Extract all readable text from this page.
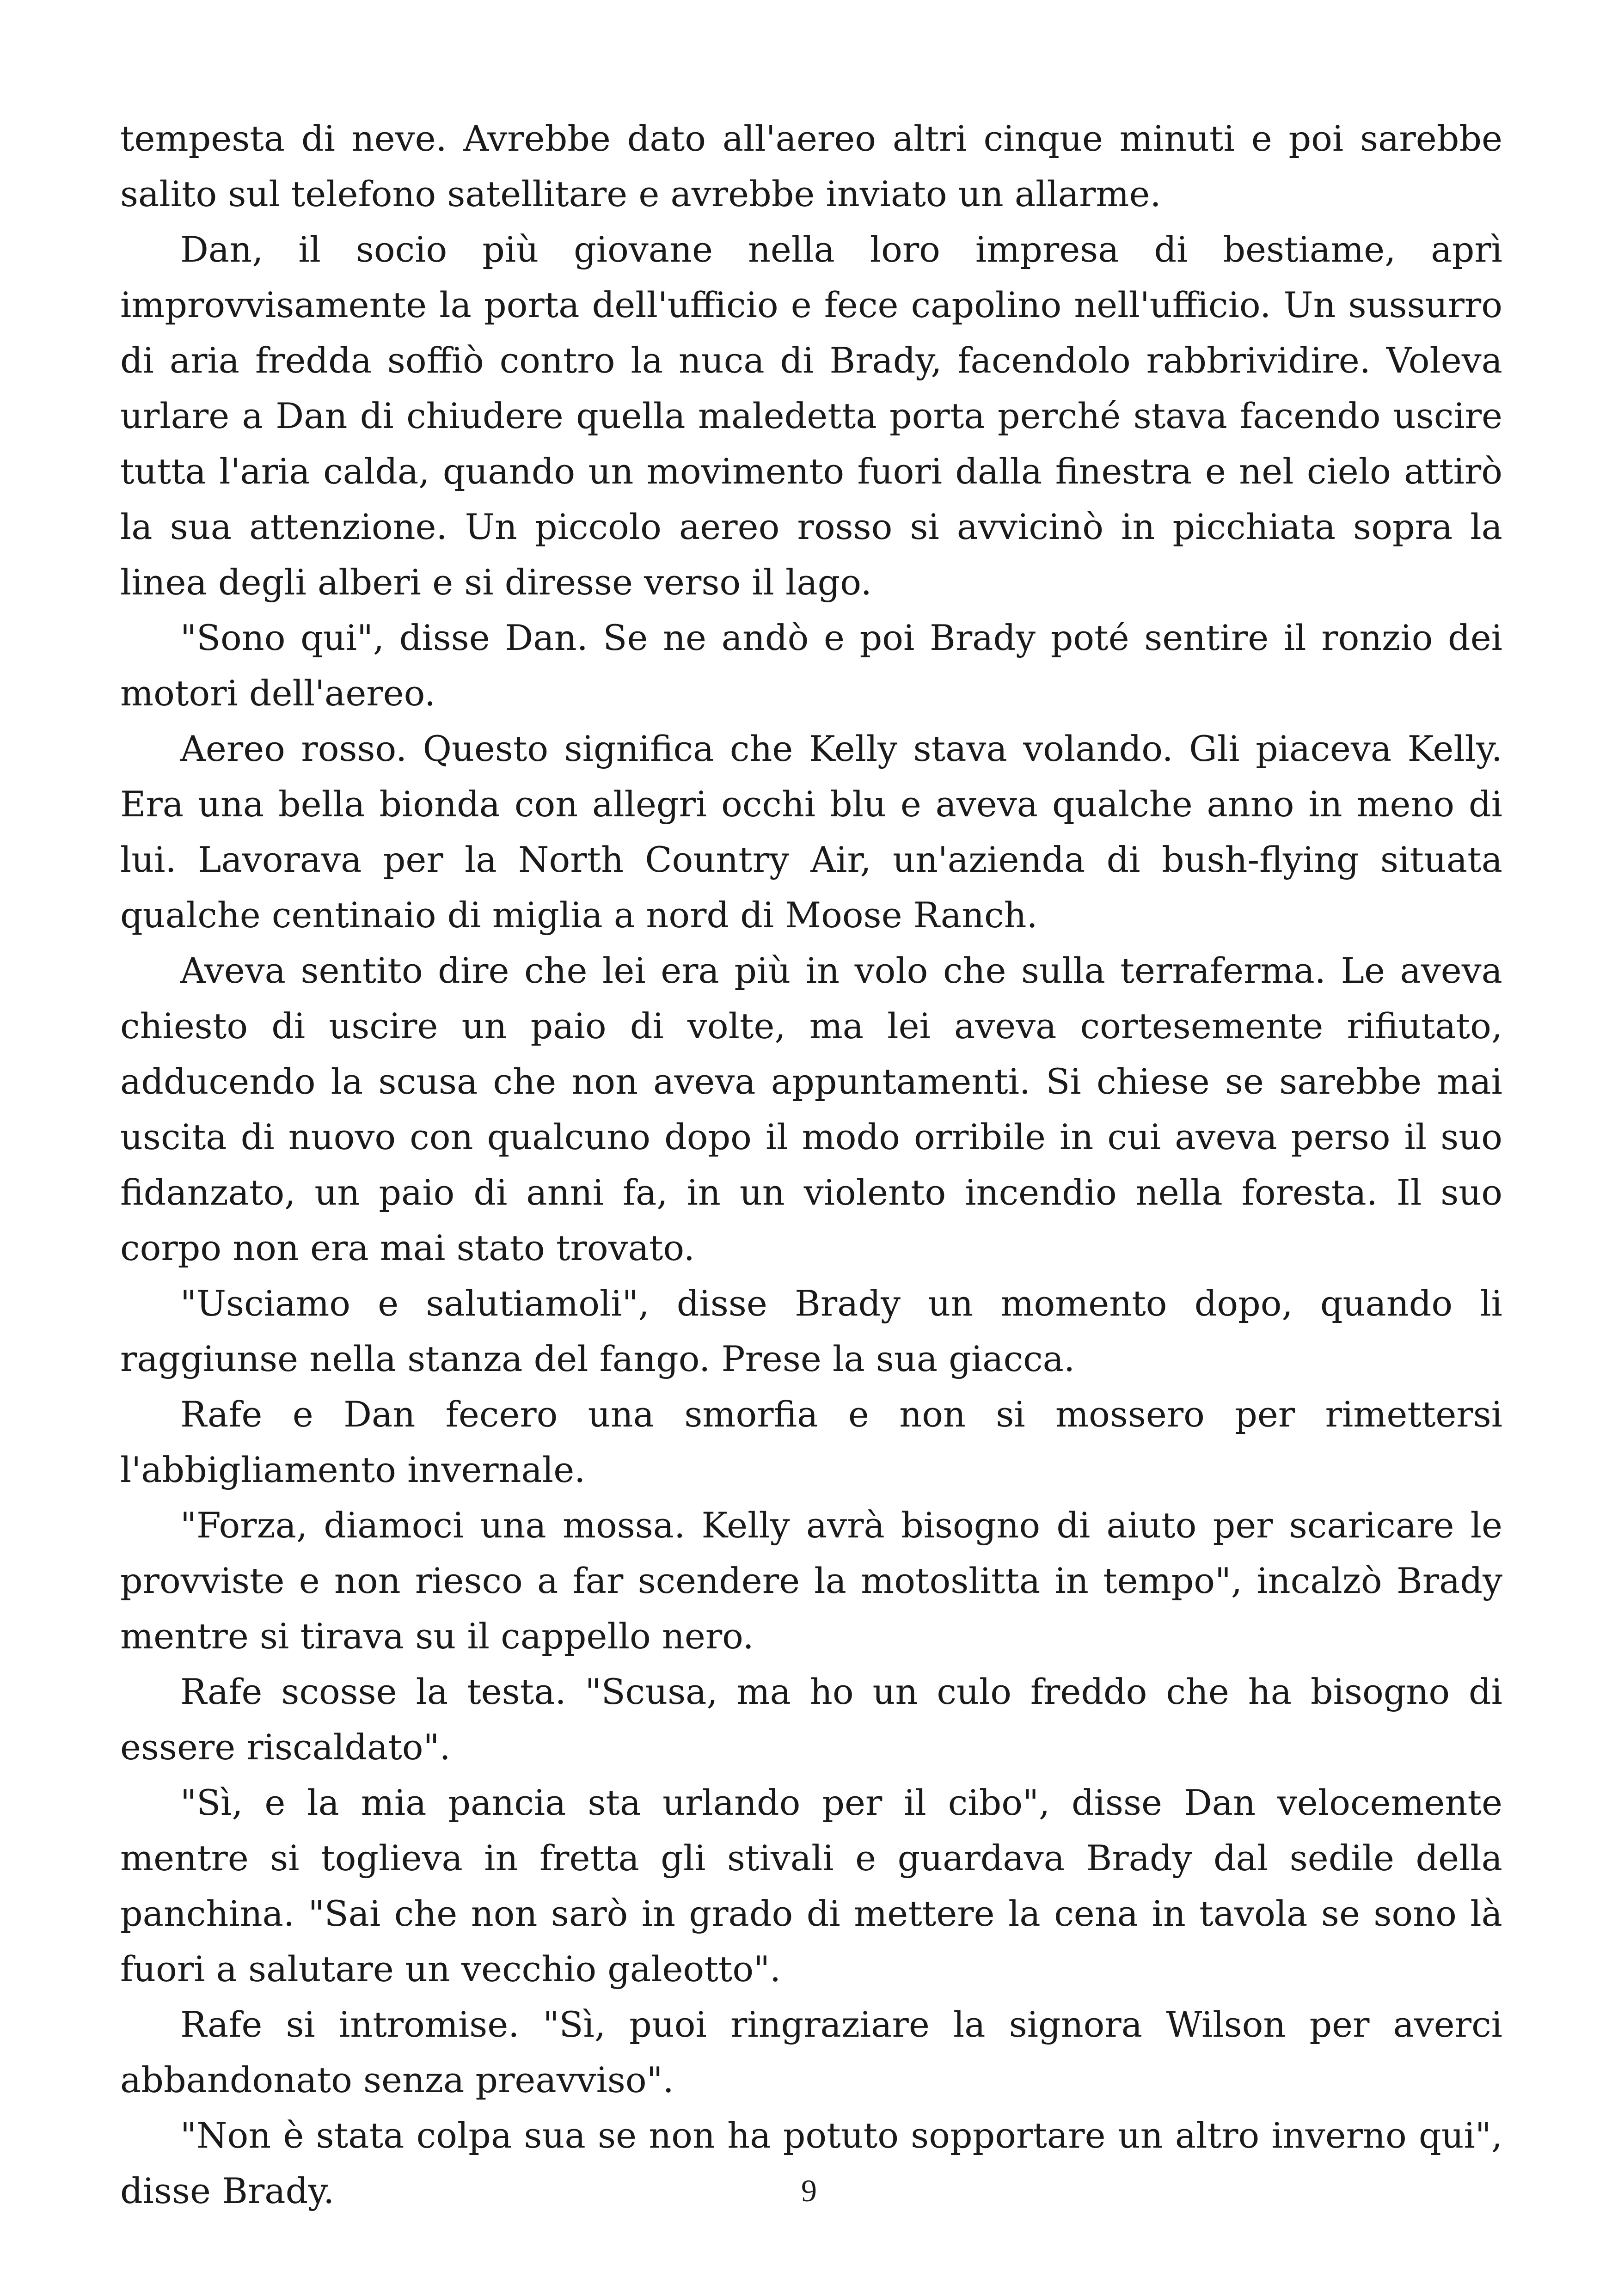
tempesta di neve. Avrebbe dato all'aereo altri cinque minuti e poi sarebbe salito sul telefono satellitare e avrebbe inviato un allarme.

Dan, il socio più giovane nella loro impresa di bestiame, aprì improvvisamente la porta dell'ufficio e fece capolino nell'ufficio. Un sussurro di aria fredda soffiò contro la nuca di Brady, facendolo rabbrividire. Voleva urlare a Dan di chiudere quella maledetta porta perché stava facendo uscire tutta l'aria calda, quando un movimento fuori dalla finestra e nel cielo attirò la sua attenzione. Un piccolo aereo rosso si avvicinò in picchiata sopra la linea degli alberi e si diresse verso il lago.

"Sono qui", disse Dan. Se ne andò e poi Brady poté sentire il ronzio dei motori dell'aereo.

Aereo rosso. Questo significa che Kelly stava volando. Gli piaceva Kelly. Era una bella bionda con allegri occhi blu e aveva qualche anno in meno di lui. Lavorava per la North Country Air, un'azienda di bush-flying situata qualche centinaio di miglia a nord di Moose Ranch.

Aveva sentito dire che lei era più in volo che sulla terraferma. Le aveva chiesto di uscire un paio di volte, ma lei aveva cortesemente rifiutato, adducendo la scusa che non aveva appuntamenti. Si chiese se sarebbe mai uscita di nuovo con qualcuno dopo il modo orribile in cui aveva perso il suo fidanzato, un paio di anni fa, in un violento incendio nella foresta. Il suo corpo non era mai stato trovato.

"Usciamo e salutiamoli", disse Brady un momento dopo, quando li raggiunse nella stanza del fango. Prese la sua giacca.

Rafe e Dan fecero una smorfia e non si mossero per rimettersi l'abbigliamento invernale.

"Forza, diamoci una mossa. Kelly avrà bisogno di aiuto per scaricare le provviste e non riesco a far scendere la motoslitta in tempo", incalzò Brady mentre si tirava su il cappello nero.

Rafe scosse la testa. "Scusa, ma ho un culo freddo che ha bisogno di essere riscaldato".

"Sì, e la mia pancia sta urlando per il cibo", disse Dan velocemente mentre si toglieva in fretta gli stivali e guardava Brady dal sedile della panchina. "Sai che non sarò in grado di mettere la cena in tavola se sono là fuori a salutare un vecchio galeotto".

Rafe si intromise. "Sì, puoi ringraziare la signora Wilson per averci abbandonato senza preavviso".

"Non è stata colpa sua se non ha potuto sopportare un altro inverno qui", disse Brady.	9
